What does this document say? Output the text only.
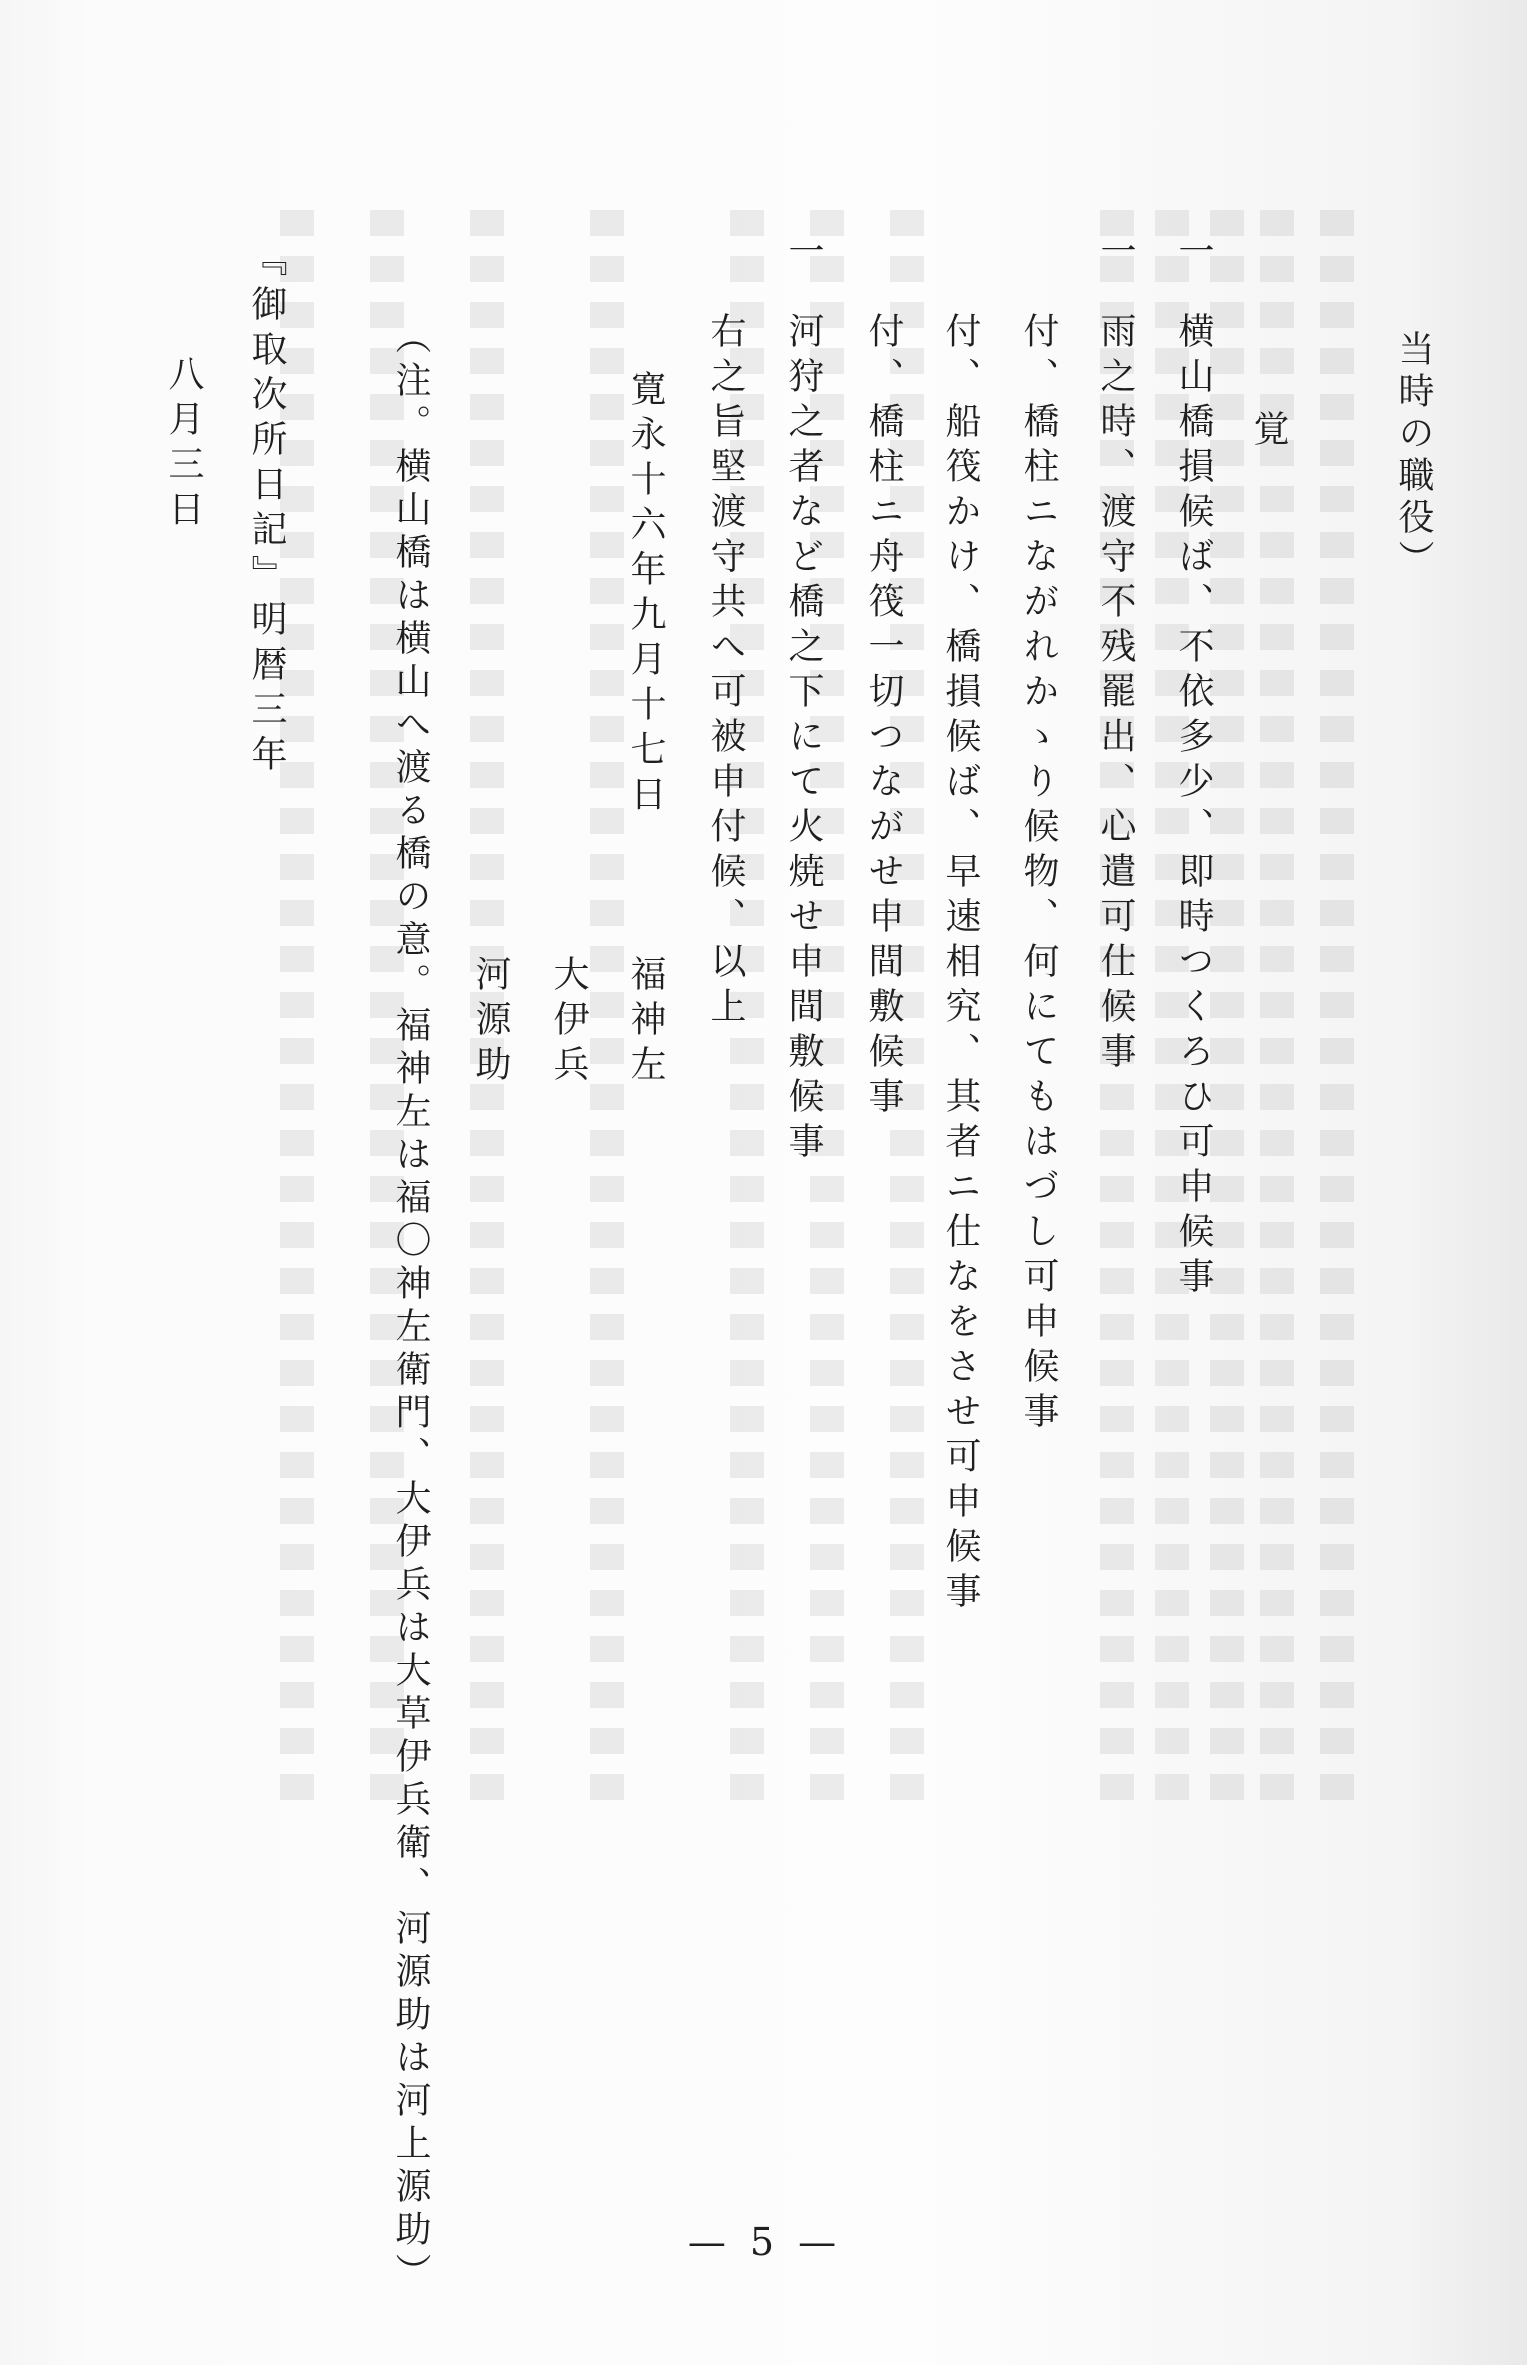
当時の職役）
覚
一
横山橋損候ば、不依多少、即時つくろひ可申候事
一
雨之時、渡守不残罷出、心遣可仕候事
付、橋柱ニながれかゝり候物、何にてもはづし可申候事
付、船筏かけ、橋損候ば、早速相究、其者ニ仕なをさせ可申候事
付、橋柱ニ舟筏一切つながせ申間敷候事
一
河狩之者など橋之下にて火焼せ申間敷候事
右之旨堅渡守共へ可被申付候、以上
寛永十六年九月十七日
福神左
大伊兵
河源助
（注。横山橋は横山へ渡る橋の意。福神左は福〇神左衛門、大伊兵は大草伊兵衛、河源助は河上源助）
『御取次所日記』明暦三年
八月三日
— 5 —
